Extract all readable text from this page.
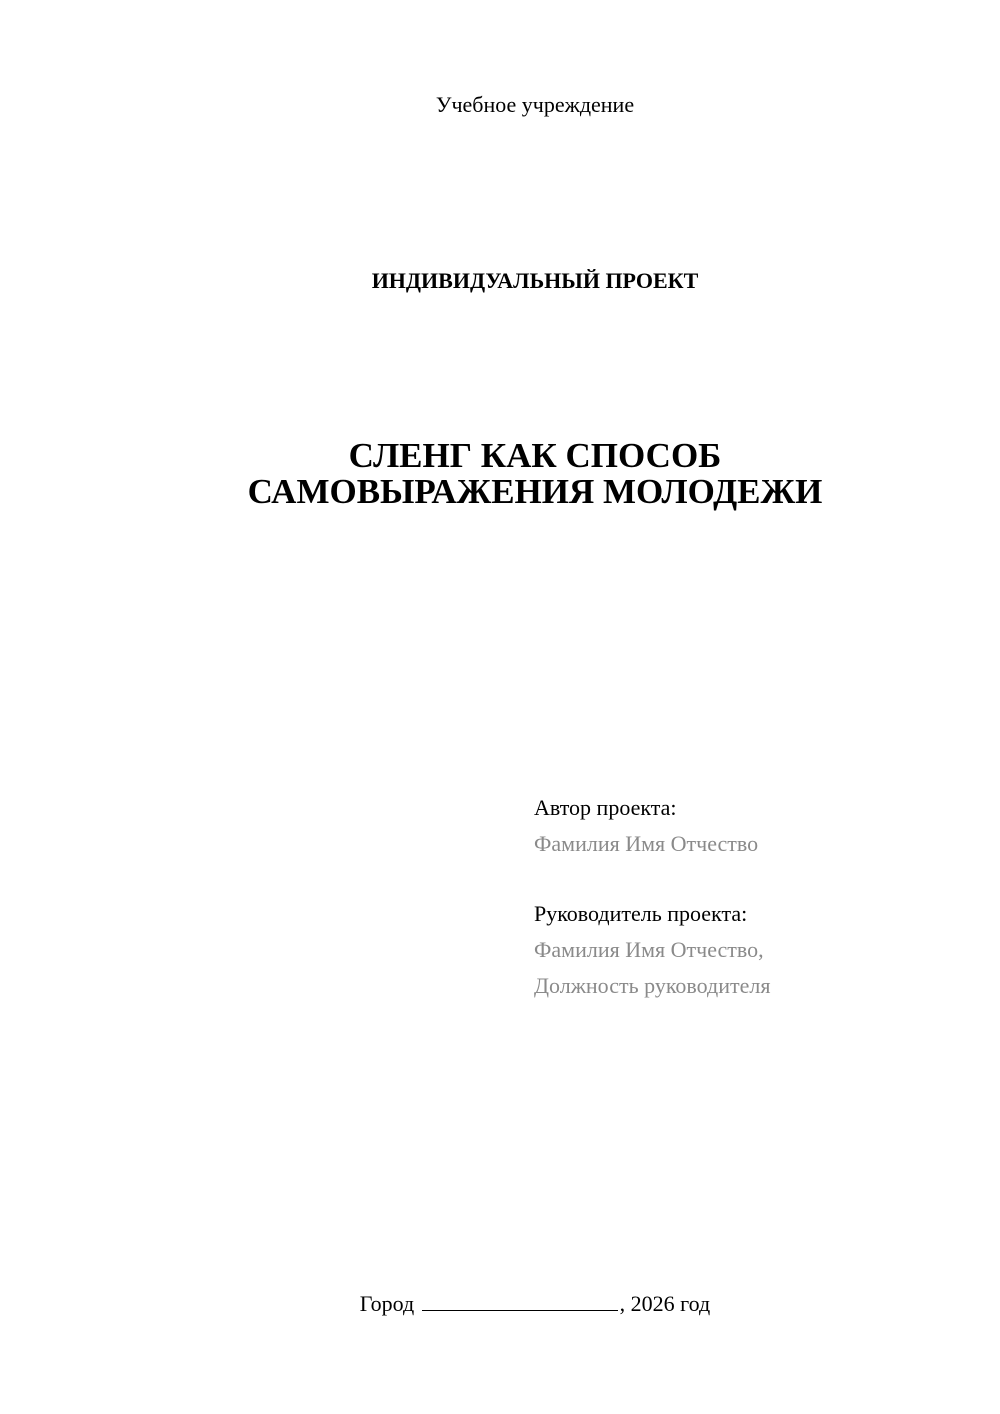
Учебное учреждение
ИНДИВИДУАЛЬНЫЙ ПРОЕКТ
СЛЕНГ КАК СПОСОБ
САМОВЫРАЖЕНИЯ МОЛОДЕЖИ
Автор проекта:
Фамилия Имя Отчество
Руководитель проекта:
Фамилия Имя Отчество,
Должность руководителя
Город	, 2026 год
